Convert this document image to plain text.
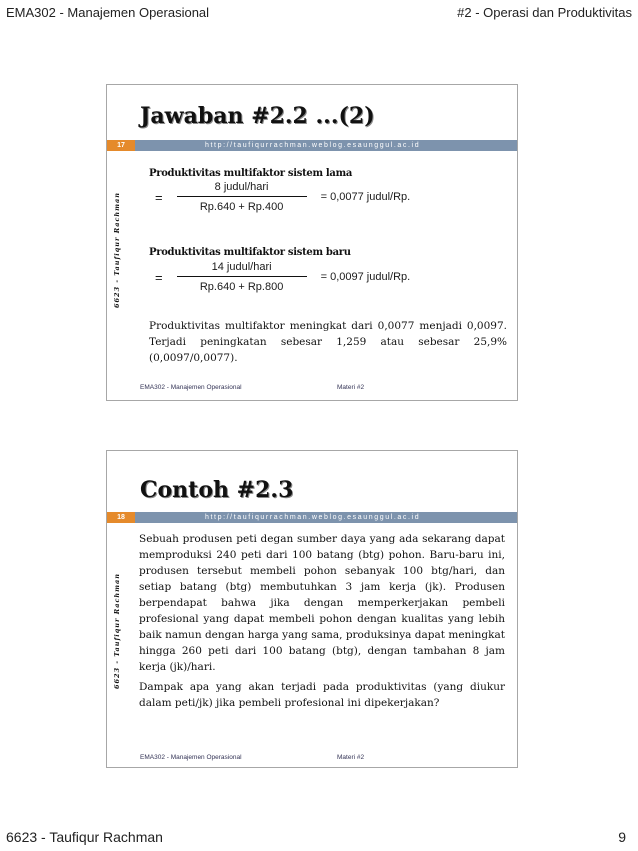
EMA302 - Manajemen Operasional	#2 - Operasi dan Produktivitas
Jawaban #2.2 ...(2)
17	http://taufiqurrachman.weblog.esaunggul.ac.id
6623 - Taufiqur Rachman
Produktivitas multifaktor sistem lama
= $\frac{\text{8 judul/hari}}{Rp.640 + Rp.400} = 0,0077$ judul/Rp.
Produktivitas multifaktor sistem baru
= $\frac{\text{14 judul/hari}}{Rp.640 + Rp.800} = 0,0097$ judul/Rp.
Produktivitas multifaktor meningkat dari 0,0077 menjadi 0,0097. Terjadi peningkatan sebesar 1,259 atau sebesar 25,9% (0,0097/0,0077).
EMA302 - Manajemen Operasional	Materi #2
Contoh #2.3
18	http://taufiqurrachman.weblog.esaunggul.ac.id
6623 - Taufiqur Rachman
Sebuah produsen peti degan sumber daya yang ada sekarang dapat memproduksi 240 peti dari 100 batang (btg) pohon. Baru-baru ini, produsen tersebut membeli pohon sebanyak 100 btg/hari, dan setiap batang (btg) membutuhkan 3 jam kerja (jk). Produsen berpendapat bahwa jika dengan memperkerjakan pembeli profesional yang dapat membeli pohon dengan kualitas yang lebih baik namun dengan harga yang sama, produksinya dapat meningkat hingga 260 peti dari 100 batang (btg), dengan tambahan 8 jam kerja (jk)/hari.
Dampak apa yang akan terjadi pada produktivitas (yang diukur dalam peti/jk) jika pembeli profesional ini dipekerjakan?
EMA302 - Manajemen Operasional	Materi #2
6623 - Taufiqur Rachman	9
